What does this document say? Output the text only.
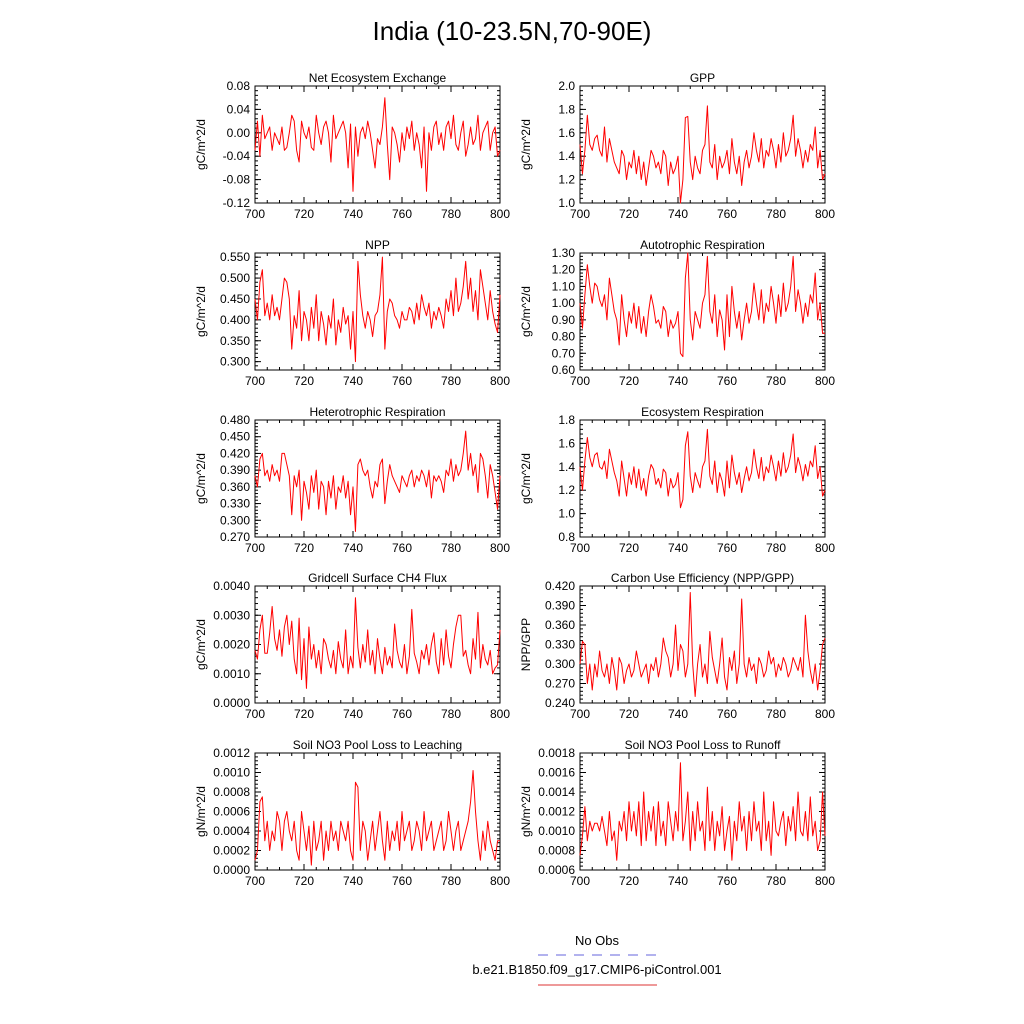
India (10-23.5N,70-90E)
Net Ecosystem Exchange
gC/m^2/d
700 720 740 760 780 800
-0.12
-0.08
-0.04
0.00
0.04
0.08
GPP
gC/m^2/d
700 720 740 760 780 800
1.0
1.2
1.4
1.6
1.8
2.0
NPP
gC/m^2/d
700 720 740 760 780 800
0.300
0.350
0.400
0.450
0.500
0.550
Autotrophic Respiration
gC/m^2/d
700 720 740 760 780 800
0.60
0.70
0.80
0.90
1.00
1.10
1.20
1.30
Heterotrophic Respiration
gC/m^2/d
700 720 740 760 780 800
0.270
0.300
0.330
0.360
0.390
0.420
0.450
0.480
Ecosystem Respiration
gC/m^2/d
700 720 740 760 780 800
0.8
1.0
1.2
1.4
1.6
1.8
Gridcell Surface CH4 Flux
gC/m^2/d
700 720 740 760 780 800
0.0000
0.0010
0.0020
0.0030
0.0040
Carbon Use Efficiency (NPP/GPP)
NPP/GPP
700 720 740 760 780 800
0.240
0.270
0.300
0.330
0.360
0.390
0.420
Soil NO3 Pool Loss to Leaching
gN/m^2/d
700 720 740 760 780 800
0.0000
0.0002
0.0004
0.0006
0.0008
0.0010
0.0012
Soil NO3 Pool Loss to Runoff
gN/m^2/d
700 720 740 760 780 800
0.0006
0.0008
0.0010
0.0012
0.0014
0.0016
0.0018
No Obs
b.e21.B1850.f09_g17.CMIP6-piControl.001
